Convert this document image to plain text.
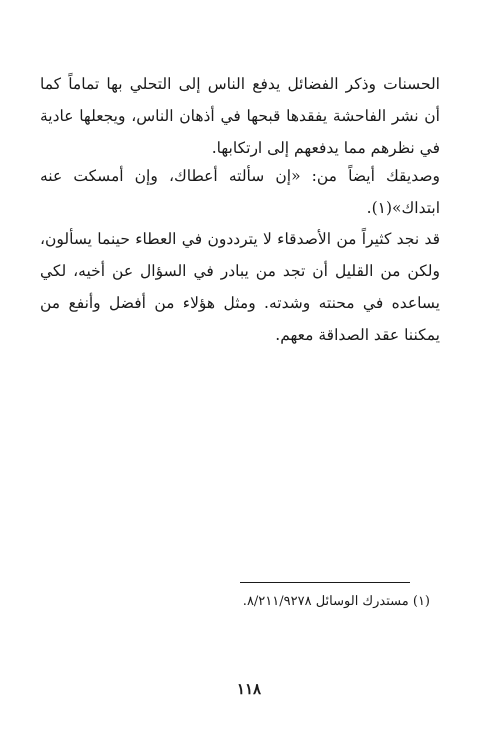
الحسنات وذكر الفضائل يدفع الناس إلى التحلي بها تماماً كما أن نشر الفاحشة يفقدها قبحها في أذهان الناس، ويجعلها عادية في نظرهم مما يدفعهم إلى ارتكابها.

وصديقك أيضاً من: «إن سألته أعطاك، وإن أمسكت عنه ابتداك»(١).

قد نجد كثيراً من الأصدقاء لا يترددون في العطاء حينما يسألون، ولكن من القليل أن تجد من يبادر في السؤال عن أخيه، لكي يساعده في محنته وشدته. ومثل هؤلاء من أفضل وأنفع من يمكننا عقد الصداقة معهم.

(١) مستدرك الوسائل ٨/٢١١/٩٢٧٨.

١١٨
